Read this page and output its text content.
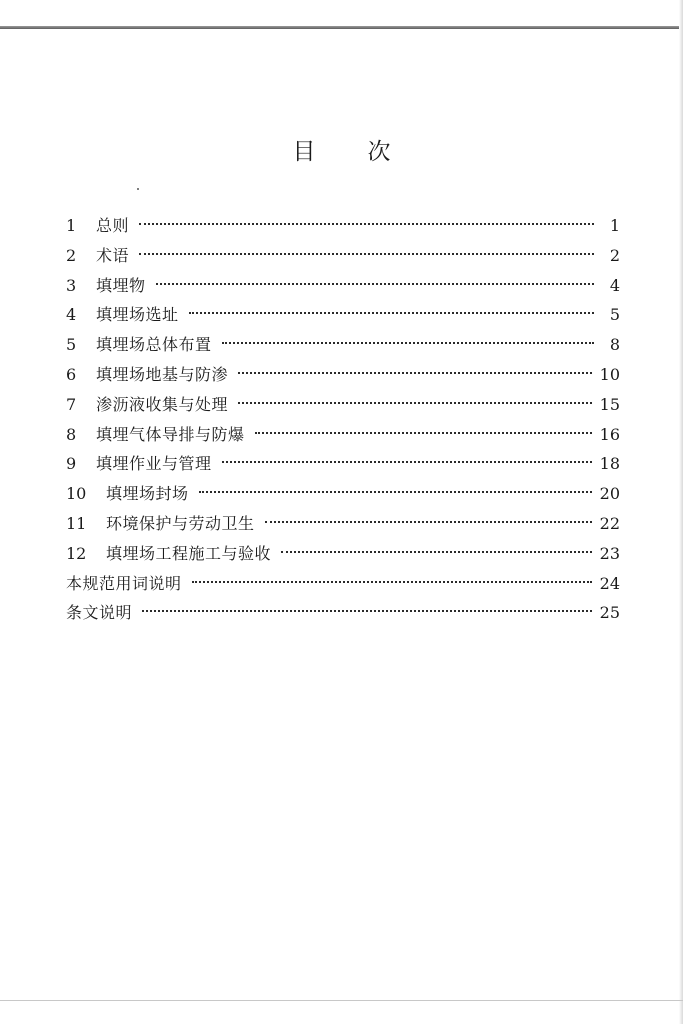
目 次
1	总则	1
2	术语	2
3	填埋物	4
4	填埋场选址	5
5	填埋场总体布置	8
6	填埋场地基与防渗	10
7	渗沥液收集与处理	15
8	填埋气体导排与防爆	16
9	填埋作业与管理	18
10	填埋场封场	20
11	环境保护与劳动卫生	22
12	填埋场工程施工与验收	23
本规范用词说明	24
条文说明	25
